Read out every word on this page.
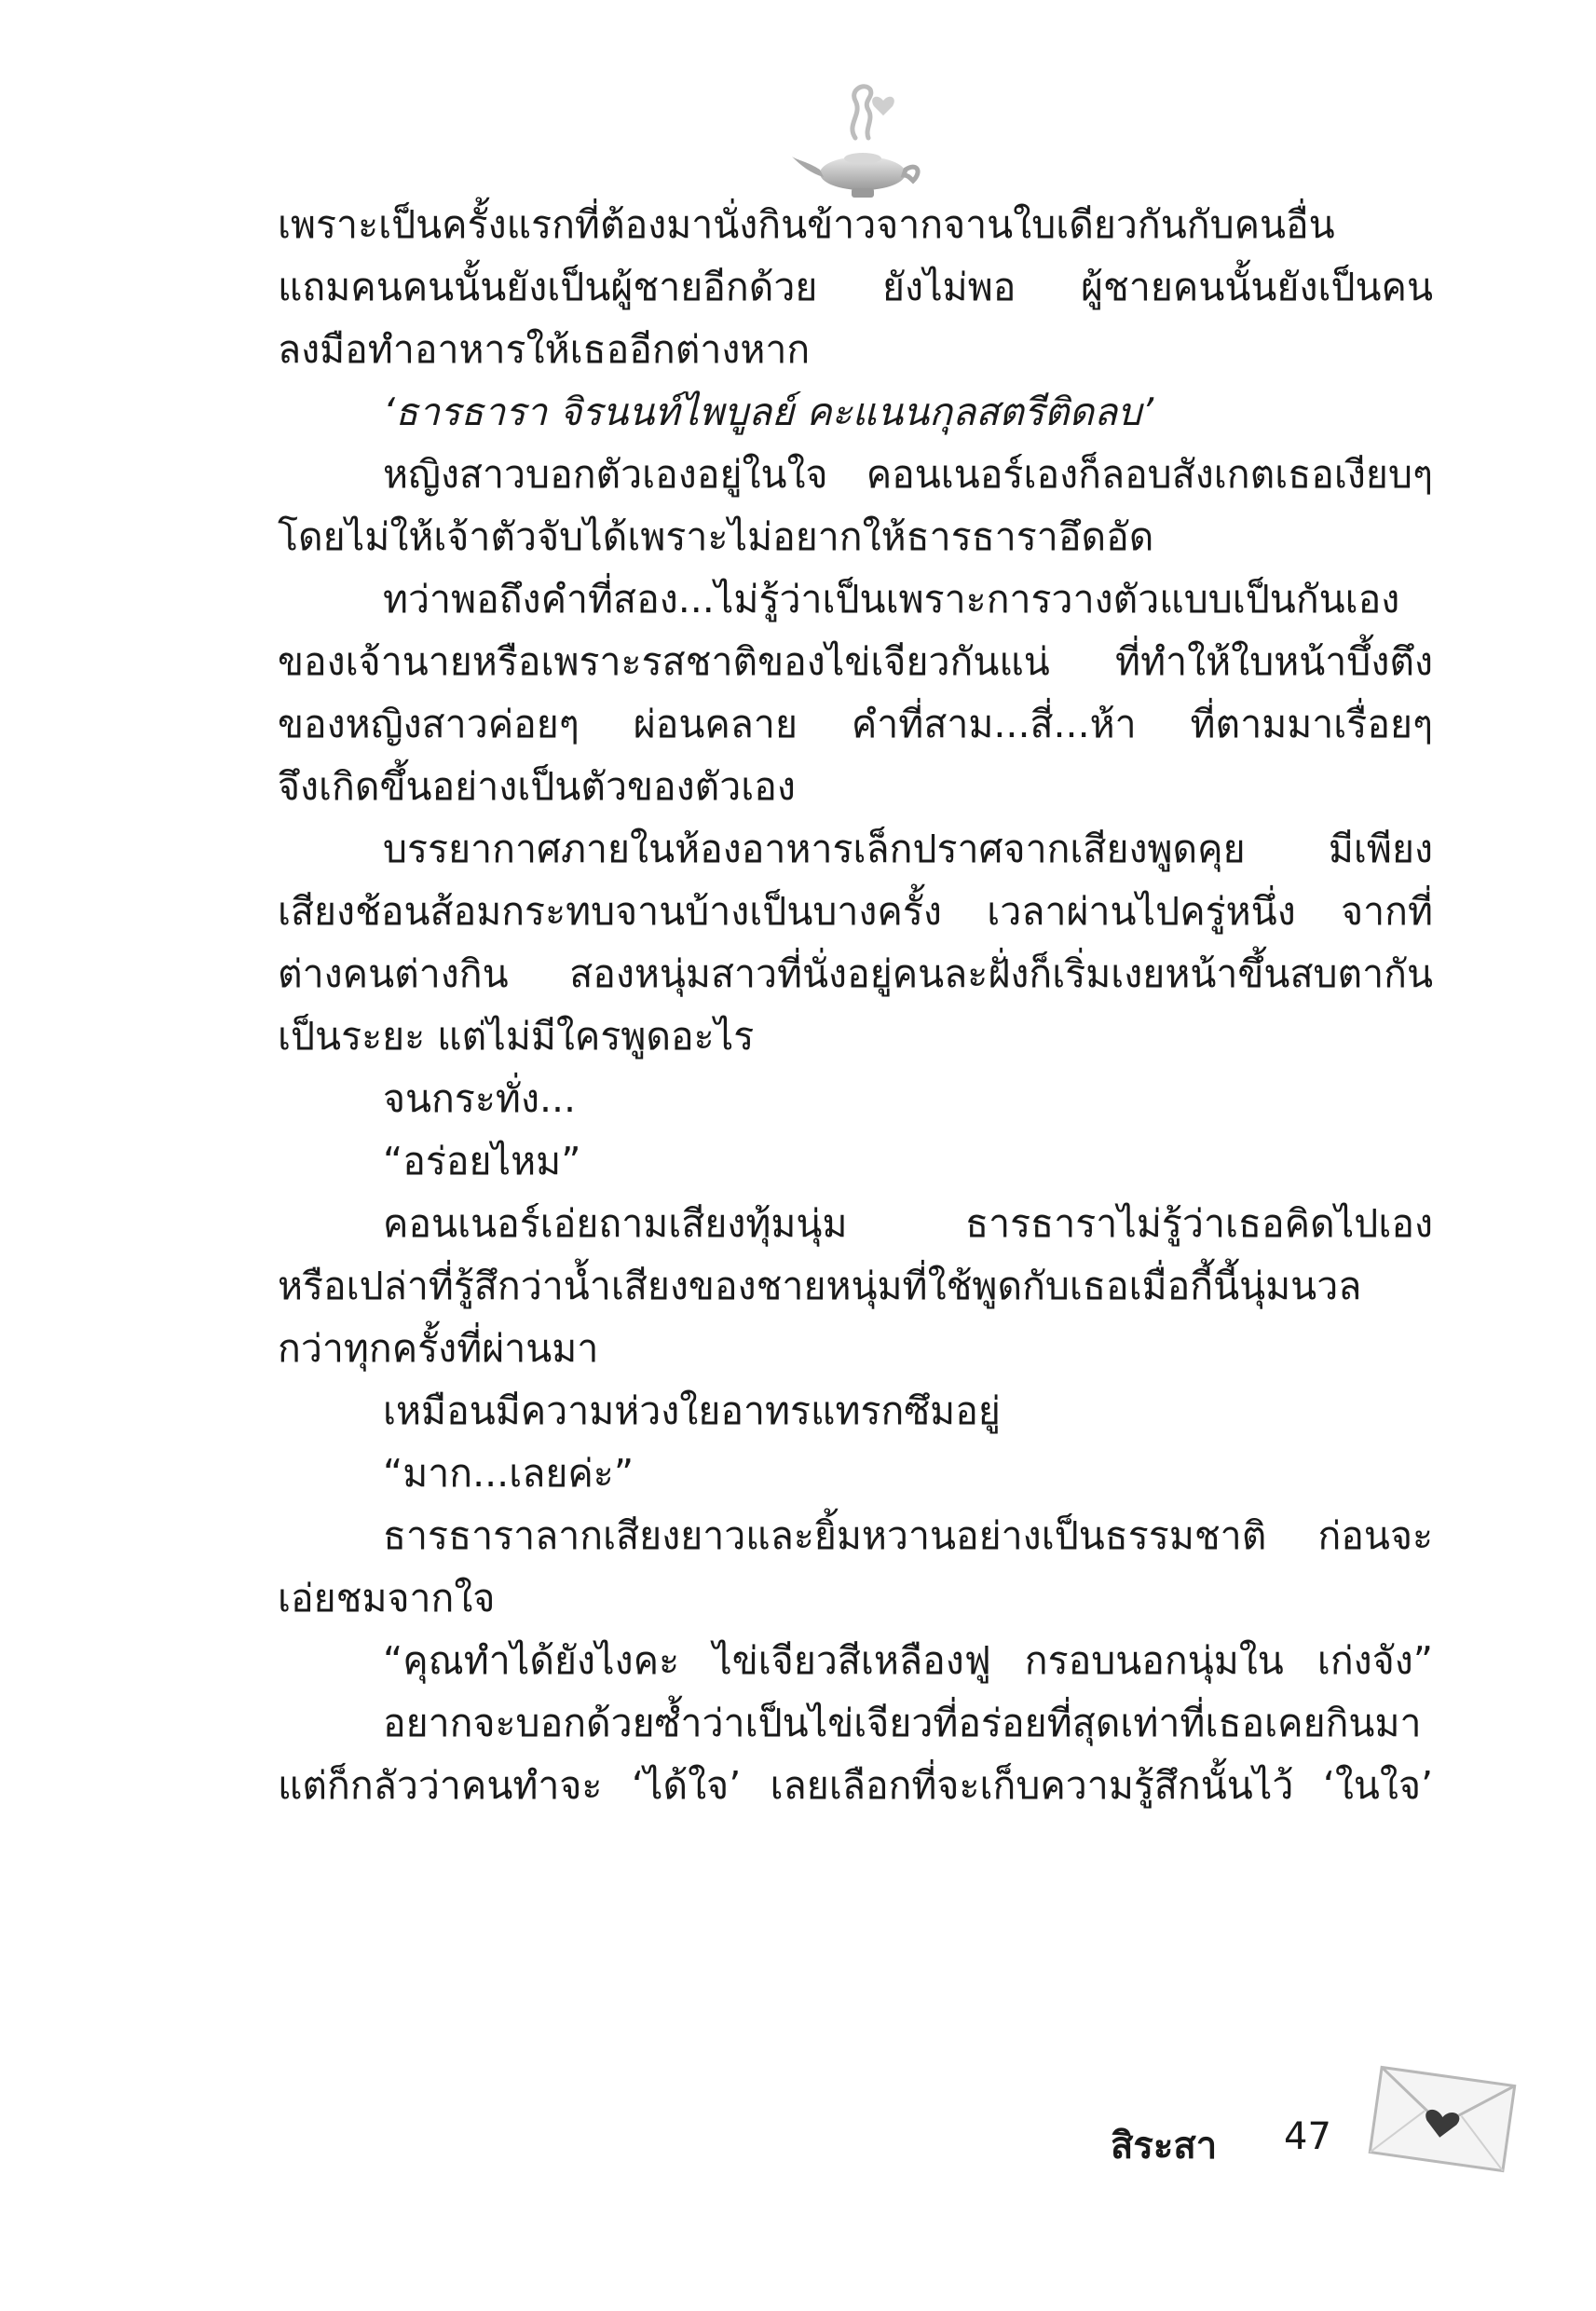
เพราะเป็นครั้งแรกที่ต้องมานั่งกินข้าวจากจานใบเดียวกันกับคนอื่น
แถมคนคนนั้นยังเป็นผู้ชายอีกด้วย ยังไม่พอ ผู้ชายคนนั้นยังเป็นคน
ลงมือทำอาหารให้เธออีกต่างหาก
‘ธารธารา จิรนนท์ไพบูลย์ คะแนนกุลสตรีติดลบ’
หญิงสาวบอกตัวเองอยู่ในใจ คอนเนอร์เองก็ลอบสังเกตเธอเงียบๆ
โดยไม่ให้เจ้าตัวจับได้เพราะไม่อยากให้ธารธาราอึดอัด
ทว่าพอถึงคำที่สอง...ไม่รู้ว่าเป็นเพราะการวางตัวแบบเป็นกันเอง
ของเจ้านายหรือเพราะรสชาติของไข่เจียวกันแน่ ที่ทำให้ใบหน้าบึ้งตึง
ของหญิงสาวค่อยๆ ผ่อนคลาย คำที่สาม...สี่...ห้า ที่ตามมาเรื่อยๆ
จึงเกิดขึ้นอย่างเป็นตัวของตัวเอง
บรรยากาศภายในห้องอาหารเล็กปราศจากเสียงพูดคุย มีเพียง
เสียงช้อนส้อมกระทบจานบ้างเป็นบางครั้ง เวลาผ่านไปครู่หนึ่ง จากที่
ต่างคนต่างกิน สองหนุ่มสาวที่นั่งอยู่คนละฝั่งก็เริ่มเงยหน้าขึ้นสบตากัน
เป็นระยะ แต่ไม่มีใครพูดอะไร
จนกระทั่ง...
“อร่อยไหม”
คอนเนอร์เอ่ยถามเสียงทุ้มนุ่ม ธารธาราไม่รู้ว่าเธอคิดไปเอง
หรือเปล่าที่รู้สึกว่าน้ำเสียงของชายหนุ่มที่ใช้พูดกับเธอเมื่อกี้นี้นุ่มนวล
กว่าทุกครั้งที่ผ่านมา
เหมือนมีความห่วงใยอาทรแทรกซึมอยู่
“มาก...เลยค่ะ”
ธารธาราลากเสียงยาวและยิ้มหวานอย่างเป็นธรรมชาติ ก่อนจะ
เอ่ยชมจากใจ
“คุณทำได้ยังไงคะ ไข่เจียวสีเหลืองฟู กรอบนอกนุ่มใน เก่งจัง”
อยากจะบอกด้วยซ้ำว่าเป็นไข่เจียวที่อร่อยที่สุดเท่าที่เธอเคยกินมา
แต่ก็กลัวว่าคนทำจะ ‘ได้ใจ’ เลยเลือกที่จะเก็บความรู้สึกนั้นไว้ ‘ในใจ’
สิระสา 47
